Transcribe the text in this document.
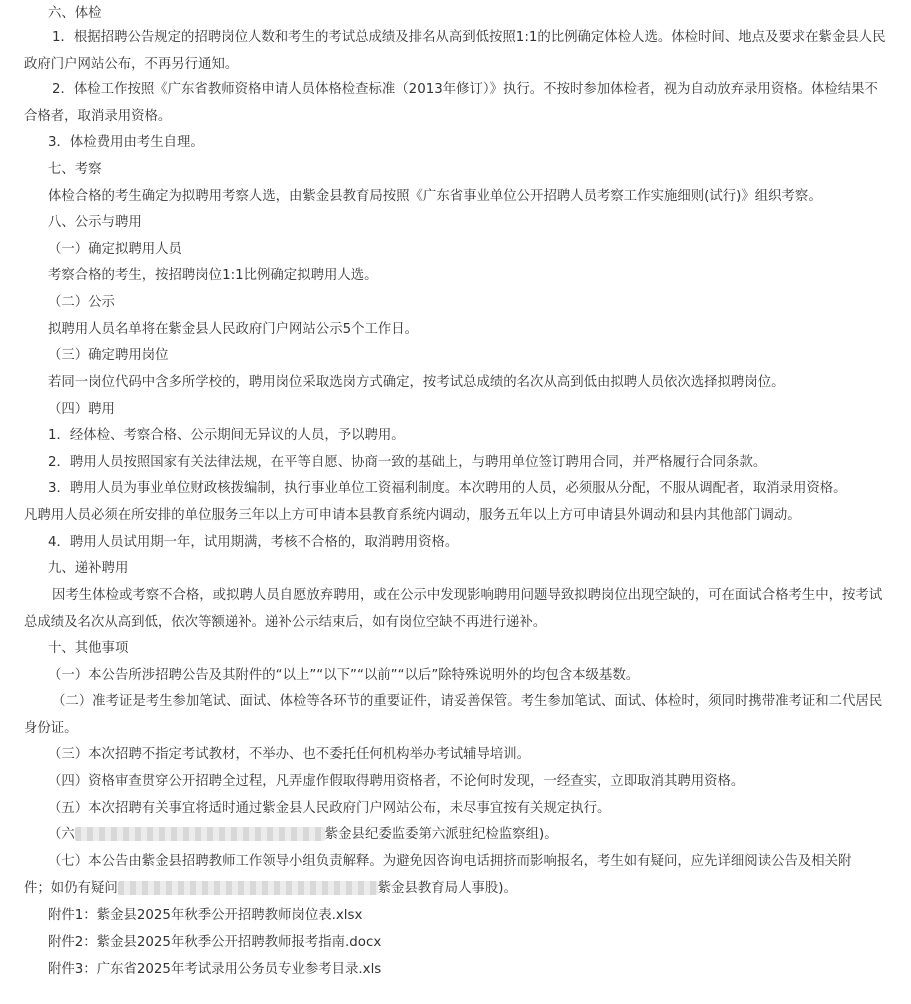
六、体检

1．根据招聘公告规定的招聘岗位人数和考生的考试总成绩及排名从高到低按照1:1的比例确定体检人选。体检时间、地点及要求在紫金县人民政府门户网站公布，不再另行通知。

2．体检工作按照《广东省教师资格申请人员体格检查标准（2013年修订）》执行。不按时参加体检者，视为自动放弃录用资格。体检结果不合格者，取消录用资格。

3．体检费用由考生自理。

七、考察

体检合格的考生确定为拟聘用考察人选，由紫金县教育局按照《广东省事业单位公开招聘人员考察工作实施细则(试行)》组织考察。

八、公示与聘用

（一）确定拟聘用人员

考察合格的考生，按招聘岗位1:1比例确定拟聘用人选。

（二）公示

拟聘用人员名单将在紫金县人民政府门户网站公示5个工作日。

（三）确定聘用岗位

若同一岗位代码中含多所学校的，聘用岗位采取选岗方式确定，按考试总成绩的名次从高到低由拟聘人员依次选择拟聘岗位。

（四）聘用

1．经体检、考察合格、公示期间无异议的人员，予以聘用。

2．聘用人员按照国家有关法律法规，在平等自愿、协商一致的基础上，与聘用单位签订聘用合同，并严格履行合同条款。

3．聘用人员为事业单位财政核拨编制，执行事业单位工资福利制度。本次聘用的人员，必须服从分配，不服从调配者，取消录用资格。

凡聘用人员必须在所安排的单位服务三年以上方可申请本县教育系统内调动，服务五年以上方可申请县外调动和县内其他部门调动。

4．聘用人员试用期一年，试用期满，考核不合格的，取消聘用资格。

九、递补聘用

因考生体检或考察不合格，或拟聘人员自愿放弃聘用，或在公示中发现影响聘用问题导致拟聘岗位出现空缺的，可在面试合格考生中，按考试总成绩及名次从高到低，依次等额递补。递补公示结束后，如有岗位空缺不再进行递补。

十、其他事项

（一）本公告所涉招聘公告及其附件的“以上”“以下”“以前”“以后”除特殊说明外的均包含本级基数。

（二）准考证是考生参加笔试、面试、体检等各环节的重要证件，请妥善保管。考生参加笔试、面试、体检时，须同时携带准考证和二代居民身份证。

（三）本次招聘不指定考试教材，不举办、也不委托任何机构举办考试辅导培训。

（四）资格审查贯穿公开招聘全过程，凡弄虚作假取得聘用资格者，不论何时发现，一经查实，立即取消其聘用资格。

（五）本次招聘有关事宜将适时通过紫金县人民政府门户网站公布，未尽事宜按有关规定执行。

（六	紫金县纪委监委第六派驻纪检监察组)。

（七）本公告由紫金县招聘教师工作领导小组负责解释。为避免因咨询电话拥挤而影响报名，考生如有疑问，应先详细阅读公告及相关附

件；如仍有疑问	紫金县教育局人事股)。

附件1：紫金县2025年秋季公开招聘教师岗位表.xlsx

附件2：紫金县2025年秋季公开招聘教师报考指南.docx

附件3：广东省2025年考试录用公务员专业参考目录.xls
